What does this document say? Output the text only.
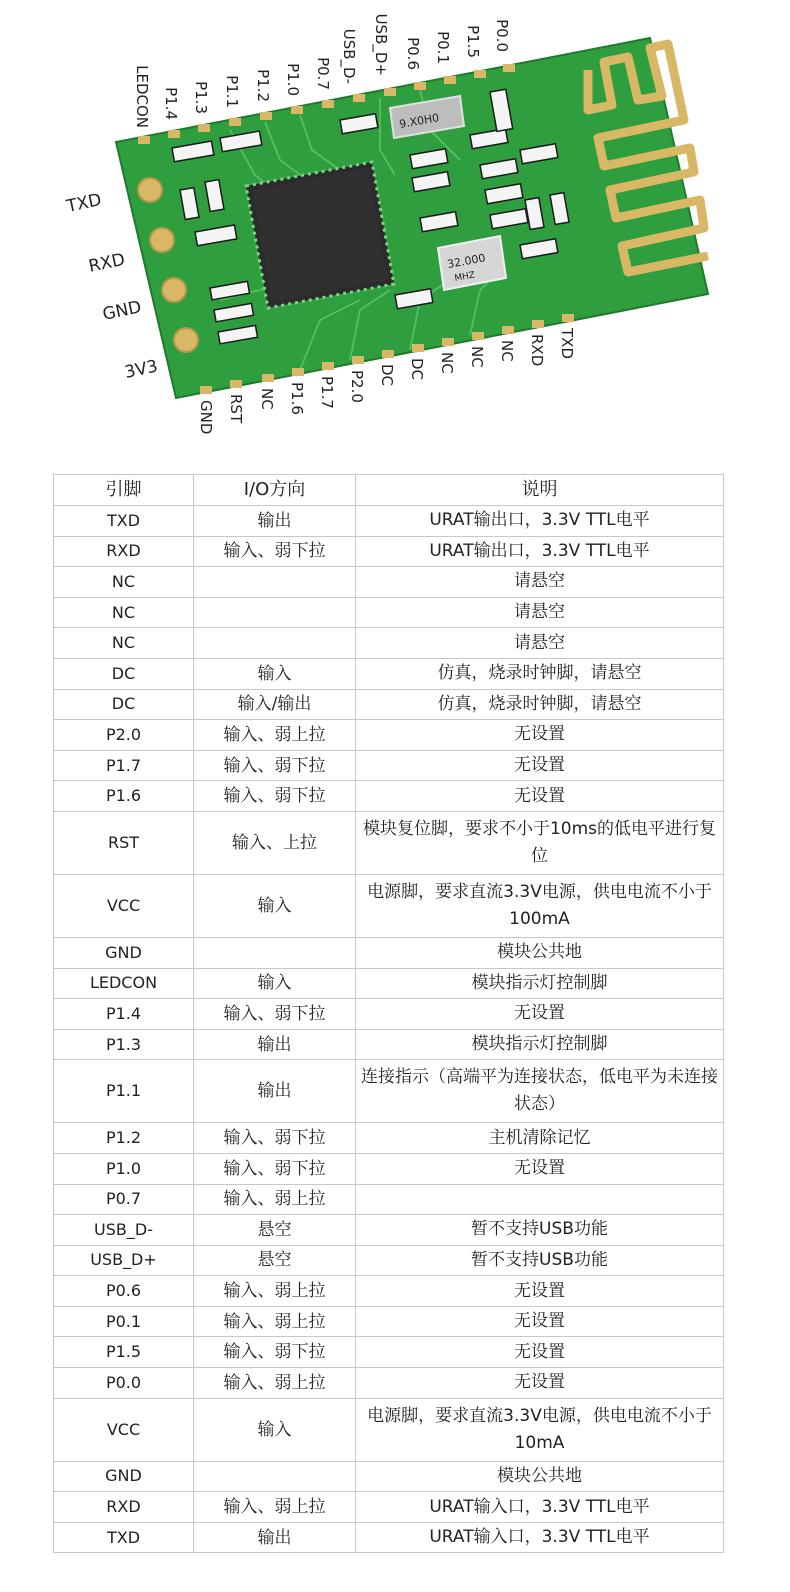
9.X0H0
32.000
MHZ
LEDCON P1.4 P1.3 P1.1 P1.2 P1.0 P0.7 USB_D- USB_D+ P0.6 P0.1 P1.5 P0.0
GND RST NC P1.6 P1.7 P2.0 DC DC NC NC NC RXD TXD
TXD
RXD
GND
3V3
引脚	I/O方向	说明
TXD	输出	URAT输出口，3.3V TTL电平
RXD	输入、弱下拉	URAT输出口，3.3V TTL电平
NC		请悬空
NC		请悬空
NC		请悬空
DC	输入	仿真，烧录时钟脚，请悬空
DC	输入/输出	仿真，烧录时钟脚，请悬空
P2.0	输入、弱上拉	无设置
P1.7	输入、弱下拉	无设置
P1.6	输入、弱下拉	无设置
RST	输入、上拉	模块复位脚，要求不小于10ms的低电平进行复位
VCC	输入	电源脚，要求直流3.3V电源，供电电流不小于100mA
GND		模块公共地
LEDCON	输入	模块指示灯控制脚
P1.4	输入、弱下拉	无设置
P1.3	输出	模块指示灯控制脚
P1.1	输出	连接指示（高端平为连接状态，低电平为未连接状态）
P1.2	输入、弱下拉	主机清除记忆
P1.0	输入、弱下拉	无设置
P0.7	输入、弱上拉	
USB_D-	悬空	暂不支持USB功能
USB_D+	悬空	暂不支持USB功能
P0.6	输入、弱上拉	无设置
P0.1	输入、弱上拉	无设置
P1.5	输入、弱下拉	无设置
P0.0	输入、弱上拉	无设置
VCC	输入	电源脚，要求直流3.3V电源，供电电流不小于10mA
GND		模块公共地
RXD	输入、弱上拉	URAT输入口，3.3V TTL电平
TXD	输出	URAT输入口，3.3V TTL电平
